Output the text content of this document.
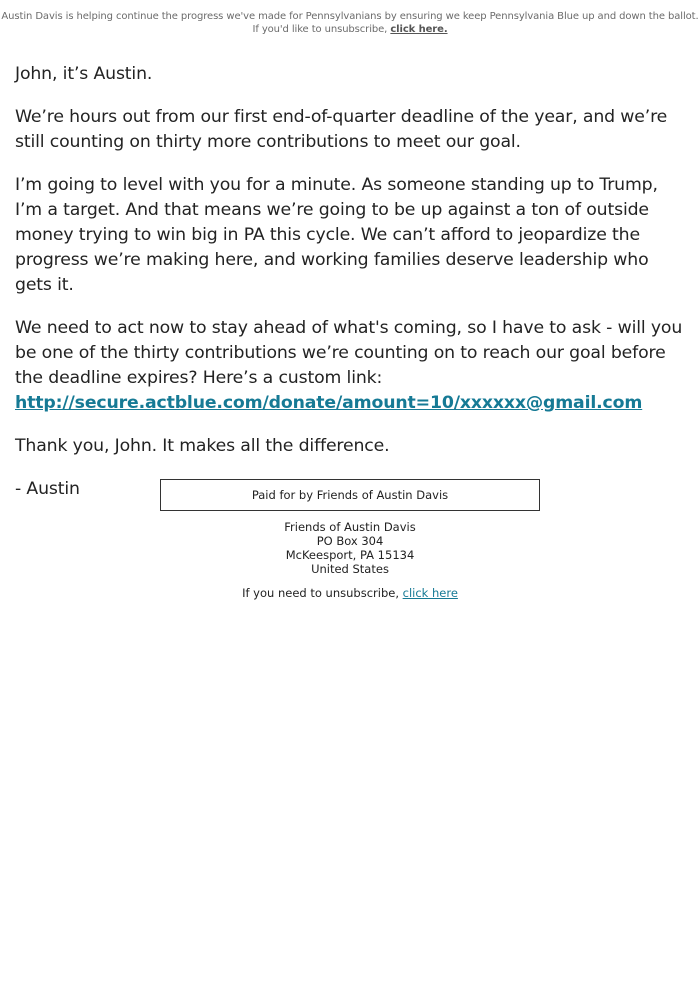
Austin Davis is helping continue the progress we've made for Pennsylvanians by ensuring we keep Pennsylvania Blue up and down the ballot.
If you'd like to unsubscribe, click here.

John, it’s Austin.

We’re hours out from our first end-of-quarter deadline of the year, and we’re still counting on thirty more contributions to meet our goal.

I’m going to level with you for a minute. As someone standing up to Trump, I’m a target. And that means we’re going to be up against a ton of outside money trying to win big in PA this cycle. We can’t afford to jeopardize the progress we’re making here, and working families deserve leadership who gets it.

We need to act now to stay ahead of what's coming, so I have to ask - will you be one of the thirty contributions we’re counting on to reach our goal before the deadline expires? Here’s a custom link:
http://secure.actblue.com/donate/amount=10/xxxxxx@gmail.com

Thank you, John. It makes all the difference.

- Austin	Paid for by Friends of Austin Davis
Friends of Austin Davis
PO Box 304
McKeesport, PA 15134
United States
If you need to unsubscribe, click here
